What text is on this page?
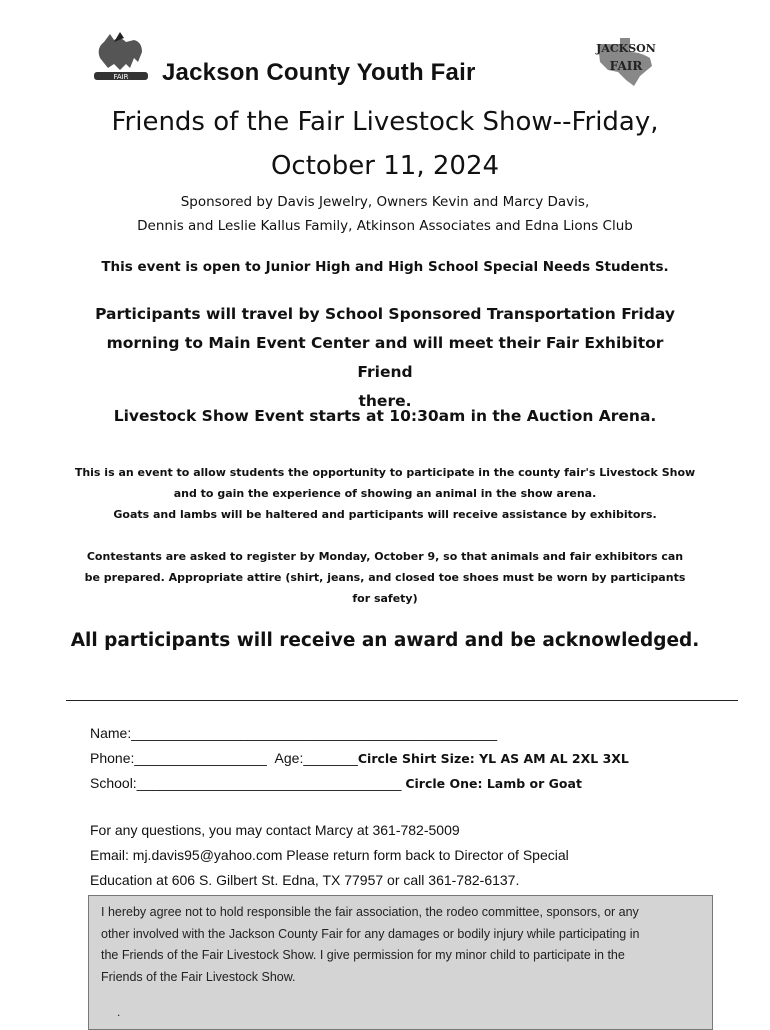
FAIR
JACKSON
FAIR
Jackson County Youth Fair
Friends of the Fair Livestock Show--Friday,
October 11, 2024
Sponsored by Davis Jewelry, Owners Kevin and Marcy Davis,
Dennis and Leslie Kallus Family, Atkinson Associates and Edna Lions Club
This event is open to Junior High and High School Special Needs Students.
Participants will travel by School Sponsored Transportation Friday
morning to Main Event Center and will meet their Fair Exhibitor Friend
there.
Livestock Show Event starts at 10:30am in the Auction Arena.
This is an event to allow students the opportunity to participate in the county fair's Livestock Show
and to gain the experience of showing an animal in the show arena.
Goats and lambs will be haltered and participants will receive assistance by exhibitors.
Contestants are asked to register by Monday, October 9, so that animals and fair exhibitors can
be prepared. Appropriate attire (shirt, jeans, and closed toe shoes must be worn by participants
for safety)
All participants will receive an award and be acknowledged.
Name:_______________________________________________
Phone:_________________ Age:_______Circle Shirt Size: YL AS AM AL 2XL 3XL
School:__________________________________ Circle One: Lamb or Goat
For any questions, you may contact Marcy at 361-782-5009
Email: mj.davis95@yahoo.com Please return form back to Director of Special
Education at 606 S. Gilbert St. Edna, TX 77957 or call 361-782-6137.
I hereby agree not to hold responsible the fair association, the rodeo committee, sponsors, or any
other involved with the Jackson County Fair for any damages or bodily injury while participating in
the Friends of the Fair Livestock Show. I give permission for my minor child to participate in the
Friends of the Fair Livestock Show.
.
